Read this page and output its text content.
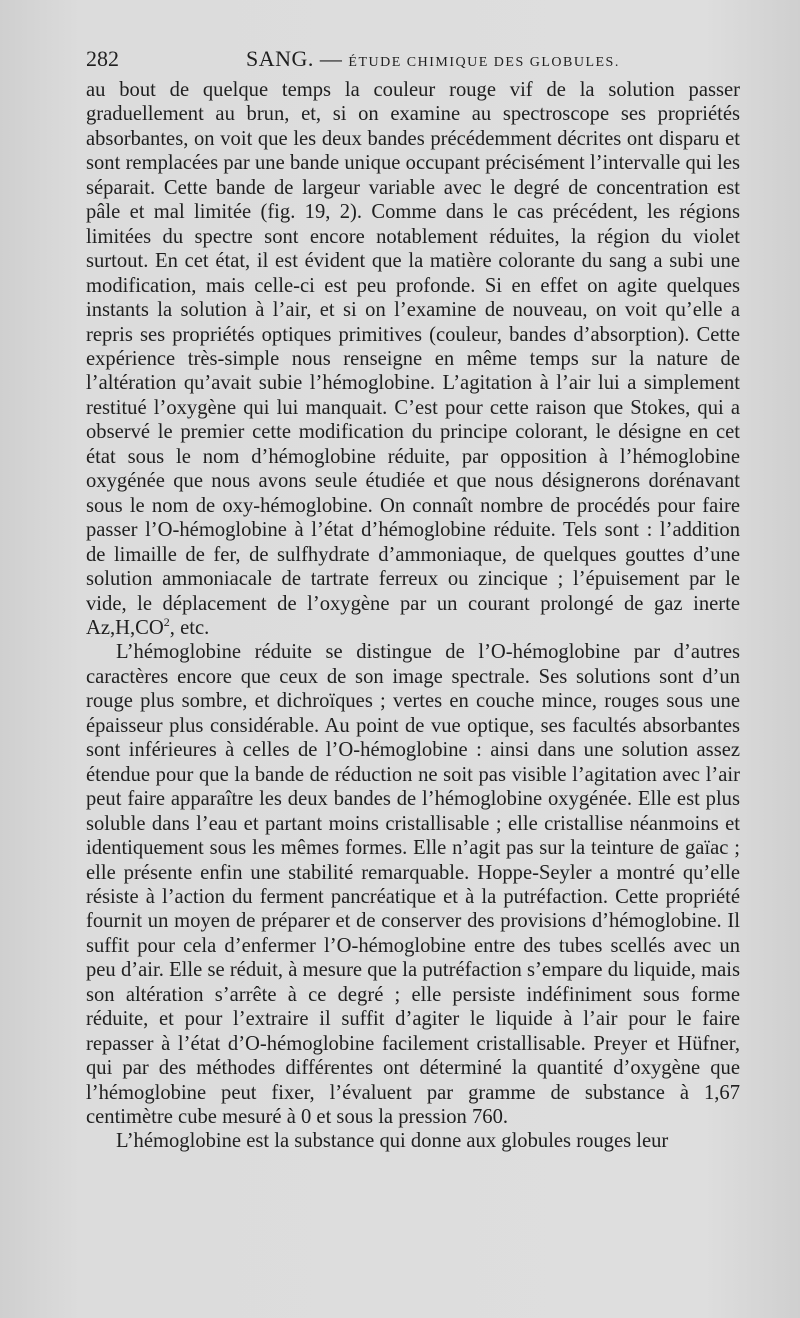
282	SANG. — ÉTUDE CHIMIQUE DES GLOBULES.

au bout de quelque temps la couleur rouge vif de la solution passer graduellement au brun, et, si on examine au spectroscope ses propriétés absorbantes, on voit que les deux bandes précédemment décrites ont disparu et sont remplacées par une bande unique occupant précisément l’intervalle qui les séparait. Cette bande de largeur variable avec le degré de concentration est pâle et mal limitée (fig. 19, 2). Comme dans le cas précédent, les régions limitées du spectre sont encore notablement réduites, la région du violet surtout. En cet état, il est évident que la matière colorante du sang a subi une modification, mais celle-ci est peu profonde. Si en effet on agite quelques instants la solution à l’air, et si on l’examine de nouveau, on voit qu’elle a repris ses propriétés optiques primitives (couleur, bandes d’absorption). Cette expérience très-simple nous renseigne en même temps sur la nature de l’altération qu’avait subie l’hémoglobine. L’agitation à l’air lui a simplement restitué l’oxygène qui lui manquait. C’est pour cette raison que Stokes, qui a observé le premier cette modification du principe colorant, le désigne en cet état sous le nom d’hémoglobine réduite, par opposition à l’hémoglobine oxygénée que nous avons seule étudiée et que nous désignerons dorénavant sous le nom de oxy-hémoglobine. On connaît nombre de procédés pour faire passer l’O-hémoglobine à l’état d’hémoglobine réduite. Tels sont : l’addition de limaille de fer, de sulfhydrate d’ammoniaque, de quelques gouttes d’une solution ammoniacale de tartrate ferreux ou zincique ; l’épuisement par le vide, le déplacement de l’oxygène par un courant prolongé de gaz inerte $Az,H,CO^2$, etc.

L’hémoglobine réduite se distingue de l’O-hémoglobine par d’autres caractères encore que ceux de son image spectrale. Ses solutions sont d’un rouge plus sombre, et dichroïques ; vertes en couche mince, rouges sous une épaisseur plus considérable. Au point de vue optique, ses facultés absorbantes sont inférieures à celles de l’O-hémoglobine : ainsi dans une solution assez étendue pour que la bande de réduction ne soit pas visible l’agitation avec l’air peut faire apparaître les deux bandes de l’hémoglobine oxygénée. Elle est plus soluble dans l’eau et partant moins cristallisable ; elle cristallise néanmoins et identiquement sous les mêmes formes. Elle n’agit pas sur la teinture de gaïac ; elle présente enfin une stabilité remarquable. Hoppe-Seyler a montré qu’elle résiste à l’action du ferment pancréatique et à la putréfaction. Cette propriété fournit un moyen de préparer et de conserver des provisions d’hémoglobine. Il suffit pour cela d’enfermer l’O-hémoglobine entre des tubes scellés avec un peu d’air. Elle se réduit, à mesure que la putréfaction s’empare du liquide, mais son altération s’arrête à ce degré ; elle persiste indéfiniment sous forme réduite, et pour l’extraire il suffit d’agiter le liquide à l’air pour le faire repasser à l’état d’O-hémoglobine facilement cristallisable. Preyer et Hüfner, qui par des méthodes différentes ont déterminé la quantité d’oxygène que l’hémoglobine peut fixer, l’évaluent par gramme de substance à 1,67 centimètre cube mesuré à 0 et sous la pression 760.

L’hémoglobine est la substance qui donne aux globules rouges leur
